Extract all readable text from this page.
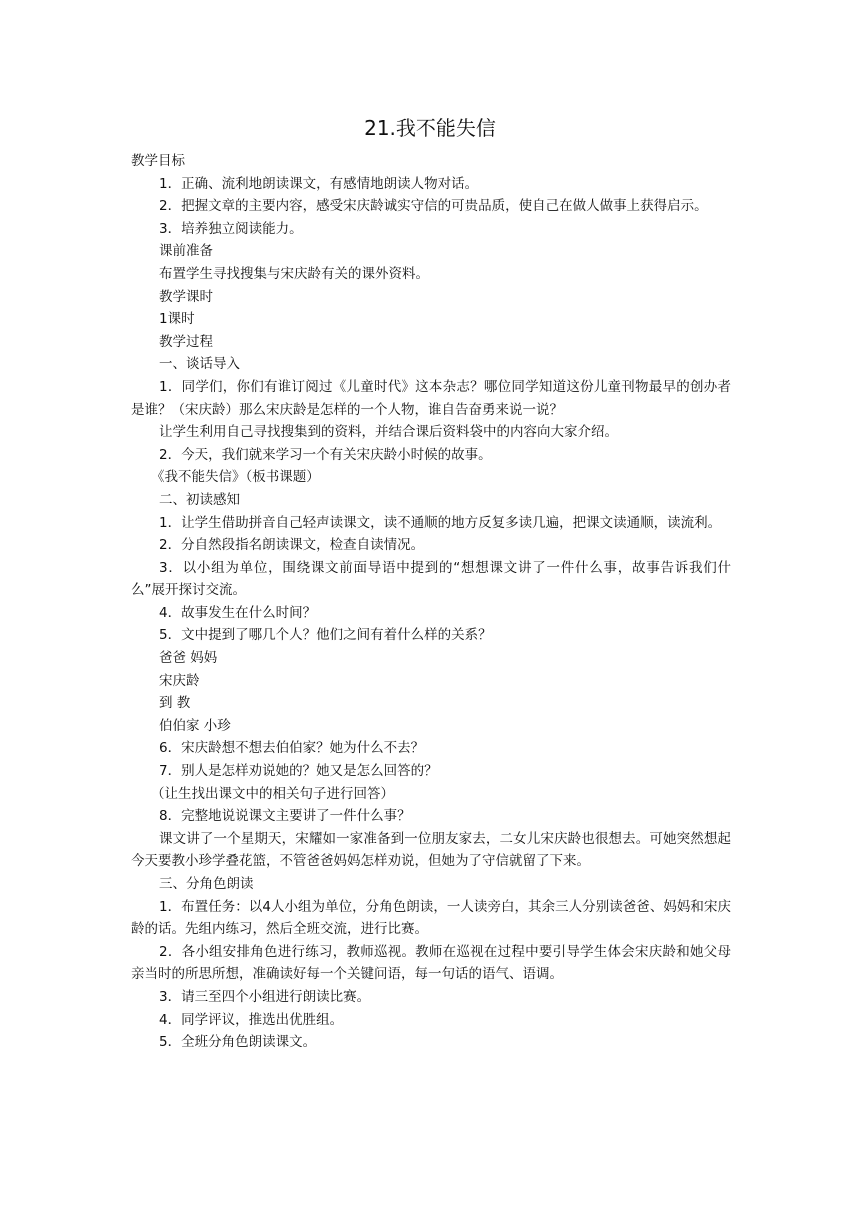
21.我不能失信

教学目标

1．正确、流利地朗读课文，有感情地朗读人物对话。

2．把握文章的主要内容，感受宋庆龄诚实守信的可贵品质，使自己在做人做事上获得启示。

3．培养独立阅读能力。

课前准备

布置学生寻找搜集与宋庆龄有关的课外资料。

教学课时

1课时

教学过程

一、谈话导入

1．同学们，你们有谁订阅过《儿童时代》这本杂志？哪位同学知道这份儿童刊物最早的创办者是谁？（宋庆龄）那么宋庆龄是怎样的一个人物，谁自告奋勇来说一说？

让学生利用自己寻找搜集到的资料，并结合课后资料袋中的内容向大家介绍。

2．今天，我们就来学习一个有关宋庆龄小时候的故事。

《我不能失信》（板书课题）

二、初读感知

1．让学生借助拼音自己轻声读课文，读不通顺的地方反复多读几遍，把课文读通顺，读流利。

2．分自然段指名朗读课文，检查自读情况。

3．以小组为单位，围绕课文前面导语中提到的“想想课文讲了一件什么事，故事告诉我们什么”展开探讨交流。

4．故事发生在什么时间？

5．文中提到了哪几个人？他们之间有着什么样的关系？

爸爸 妈妈

宋庆龄

到 教

伯伯家 小珍

6．宋庆龄想不想去伯伯家？她为什么不去？

7．别人是怎样劝说她的？她又是怎么回答的？

（让生找出课文中的相关句子进行回答）

8．完整地说说课文主要讲了一件什么事？

课文讲了一个星期天，宋耀如一家准备到一位朋友家去，二女儿宋庆龄也很想去。可她突然想起今天要教小珍学叠花篮，不管爸爸妈妈怎样劝说，但她为了守信就留了下来。

三、分角色朗读

1．布置任务：以4人小组为单位，分角色朗读，一人读旁白，其余三人分别读爸爸、妈妈和宋庆龄的话。先组内练习，然后全班交流，进行比赛。

2．各小组安排角色进行练习，教师巡视。教师在巡视在过程中要引导学生体会宋庆龄和她父母亲当时的所思所想，准确读好每一个关键问语，每一句话的语气、语调。

3．请三至四个小组进行朗读比赛。

4．同学评议，推选出优胜组。

5．全班分角色朗读课文。
